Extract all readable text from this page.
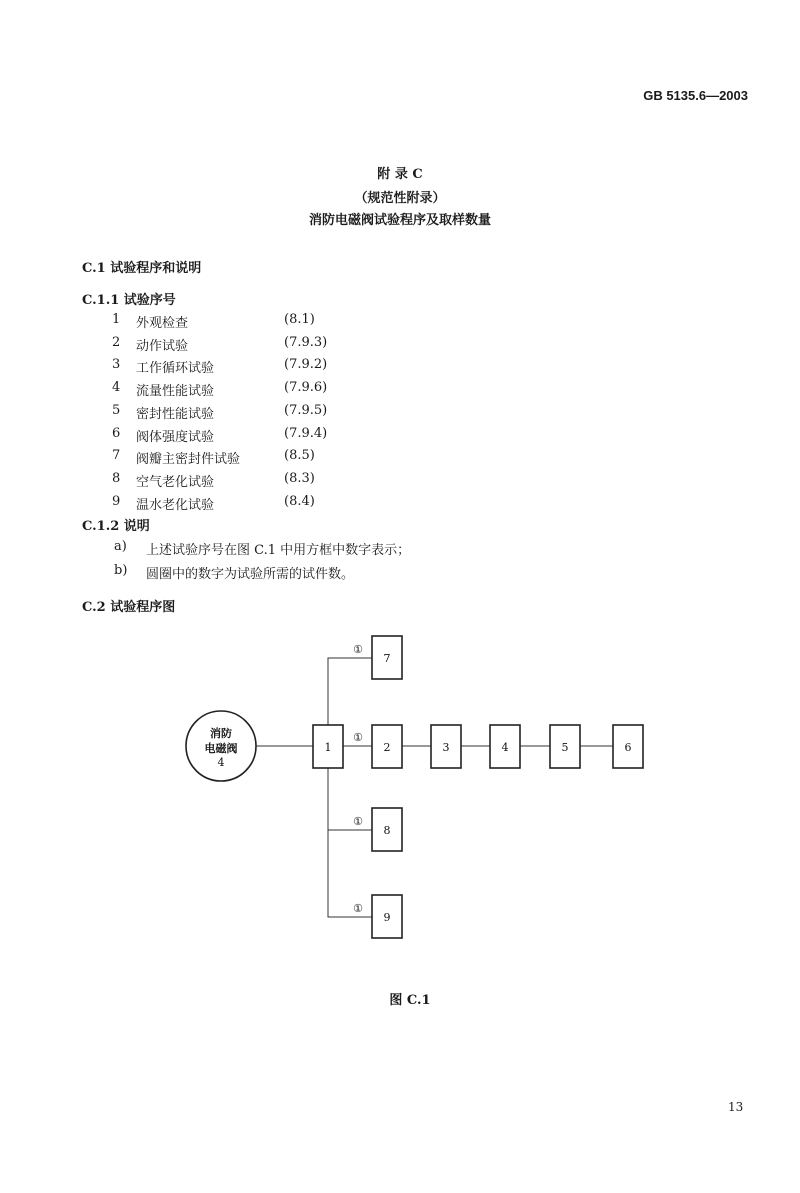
GB 5135.6—2003
附 录 C
（规范性附录）
消防电磁阀试验程序及取样数量
C.1 试验程序和说明
C.1.1 试验序号
1 外观检查	(8.1)
2 动作试验	(7.9.3)
3 工作循环试验	(7.9.2)
4 流量性能试验	(7.9.6)
5 密封性能试验	(7.9.5)
6 阀体强度试验	(7.9.4)
7 阀瓣主密封件试验	(8.5)
8 空气老化试验	(8.3)
9 温水老化试验	(8.4)
C.1.2 说明
a) 上述试验序号在图 C.1 中用方框中数字表示；
b) 圆圈中的数字为试验所需的试件数。
C.2 试验程序图
消防
电磁阀
4
1	2	3	4	5	6
7
8
9
①
①
①
①
图 C.1
13
